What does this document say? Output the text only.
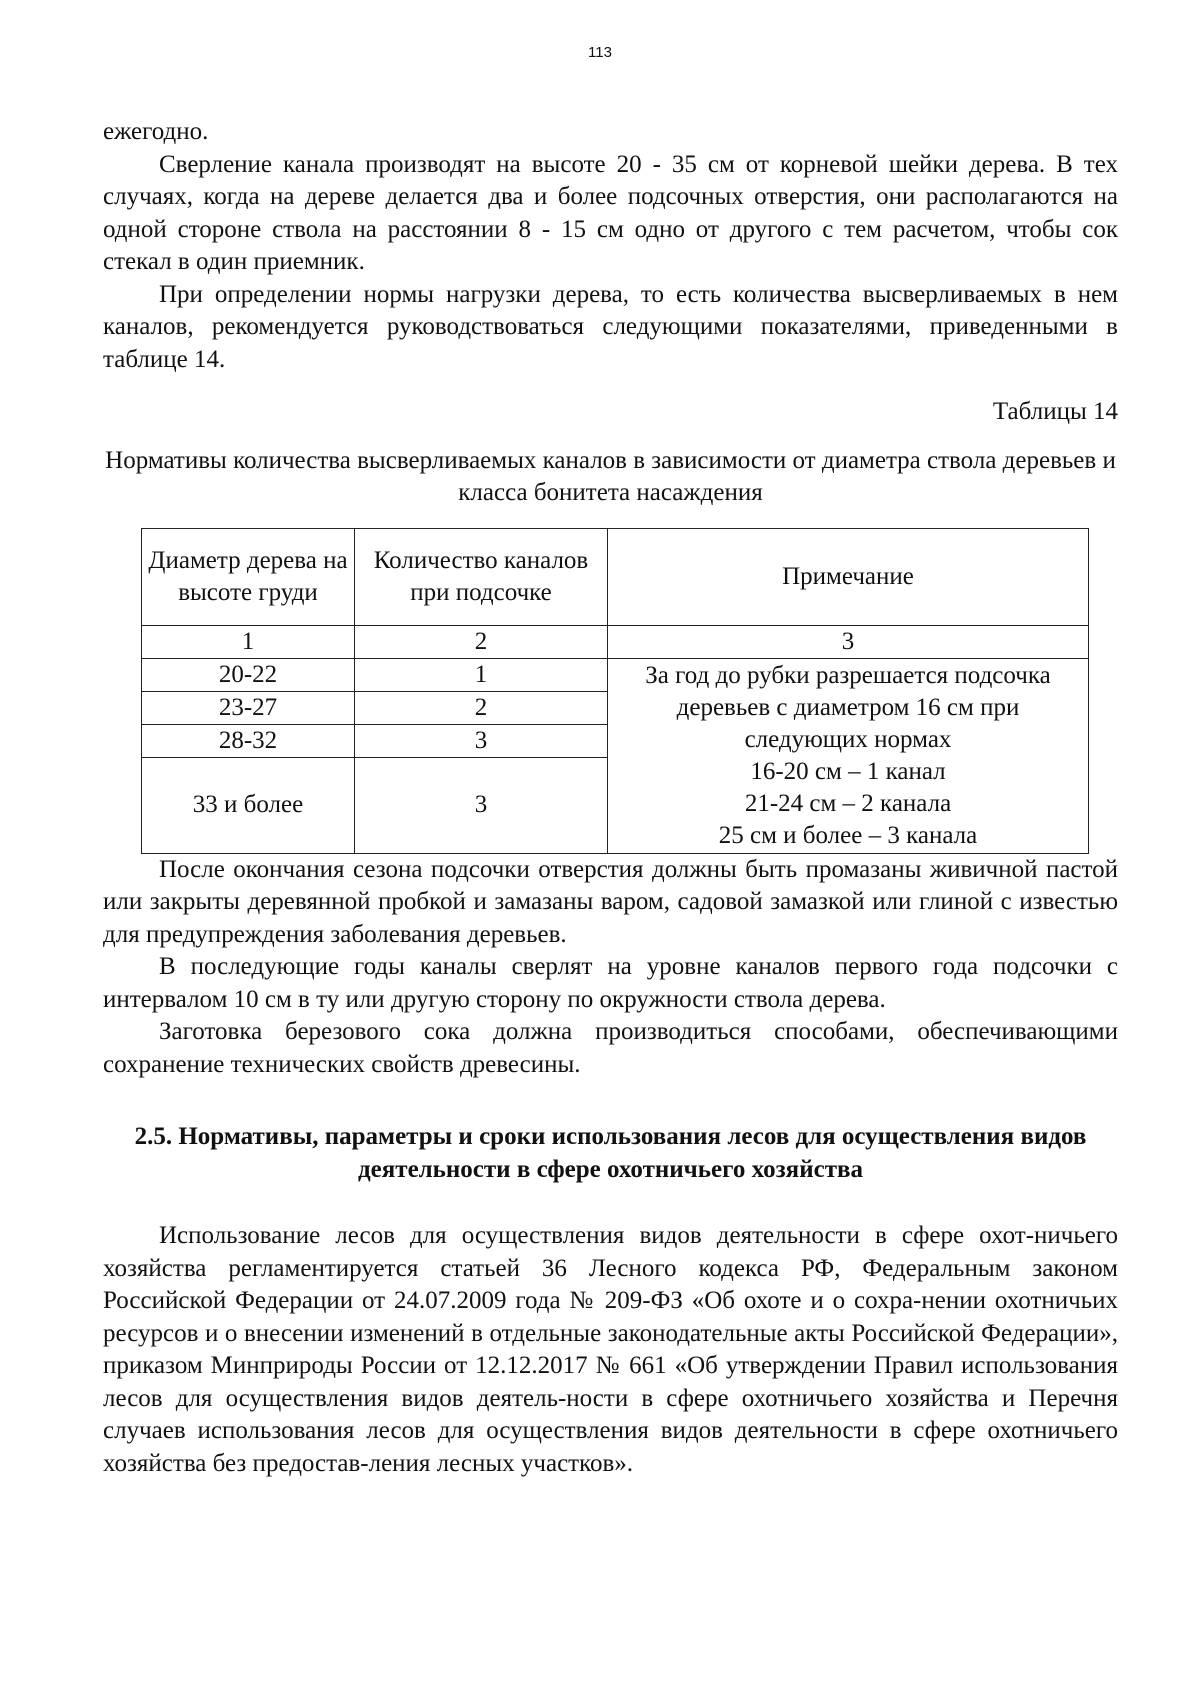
113

ежегодно.

Сверление канала производят на высоте 20 - 35 см от корневой шейки дерева. В тех случаях, когда на дереве делается два и более подсочных отверстия, они располагаются на одной стороне ствола на расстоянии 8 - 15 см одно от другого с тем расчетом, чтобы сок стекал в один приемник.

При определении нормы нагрузки дерева, то есть количества высверливаемых в нем каналов, рекомендуется руководствоваться следующими показателями, приведенными в таблице 14.

Таблицы 14

Нормативы количества высверливаемых каналов в зависимости от диаметра ствола деревьев и класса бонитета насаждения

Диаметр дерева на высоте груди	Количество каналов при подсочке	Примечание
1	2	3
20-22	1	За год до рубки разрешается подсочка деревьев с диаметром 16 см при следующих нормах
16-20 см – 1 канал
21-24 см – 2 канала
25 см и более – 3 канала

23-27	2	
28-32	3	
33 и более	3	

После окончания сезона подсочки отверстия должны быть промазаны живичной пастой или закрыты деревянной пробкой и замазаны варом, садовой замазкой или глиной с известью для предупреждения заболевания деревьев.

В последующие годы каналы сверлят на уровне каналов первого года подсочки с интервалом 10 см в ту или другую сторону по окружности ствола дерева.

Заготовка березового сока должна производиться способами, обеспечивающими сохранение технических свойств древесины.

2.5. Нормативы, параметры и сроки использования лесов для осуществления видов деятельности в сфере охотничьего хозяйства

Использование лесов для осуществления видов деятельности в сфере охот-ничьего хозяйства регламентируется статьей 36 Лесного кодекса РФ, Федеральным законом Российской Федерации от 24.07.2009 года № 209-ФЗ «Об охоте и о сохра-нении охотничьих ресурсов и о внесении изменений в отдельные законодательные акты Российской Федерации», приказом Минприроды России от 12.12.2017 № 661 «Об утверждении Правил использования лесов для осуществления видов деятель-ности в сфере охотничьего хозяйства и Перечня случаев использования лесов для осуществления видов деятельности в сфере охотничьего хозяйства без предостав-ления лесных участков».
